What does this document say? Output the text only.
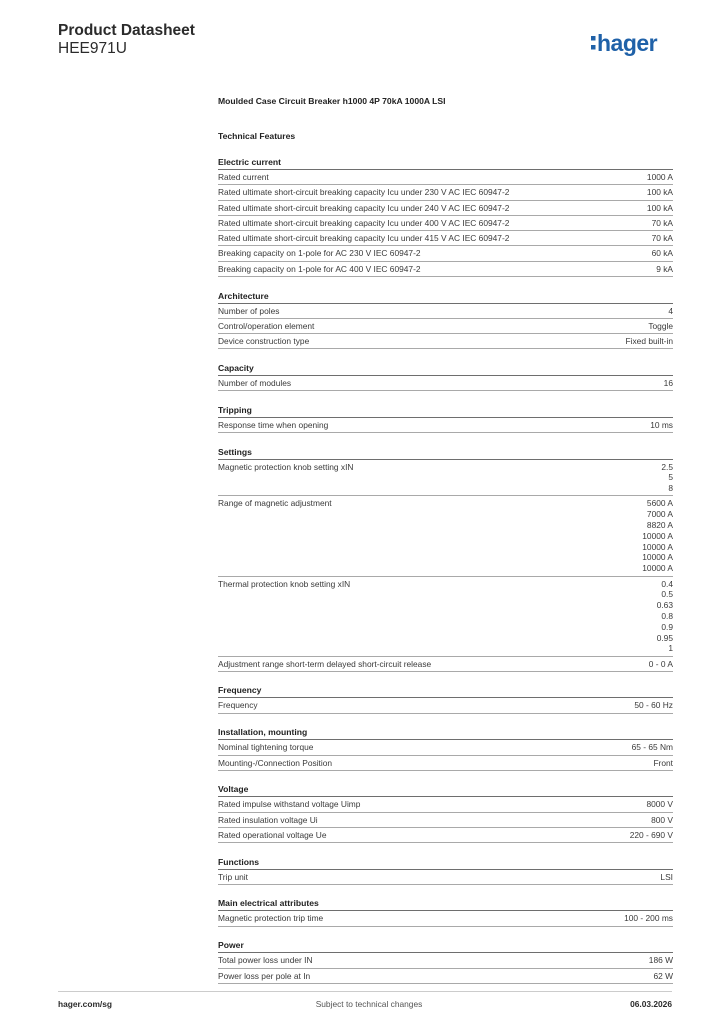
Product Datasheet
HEE971U	hager
Moulded Case Circuit Breaker h1000 4P 70kA 1000A LSI
Technical Features
Electric current
Rated current	1000 A
Rated ultimate short-circuit breaking capacity Icu under 230 V AC IEC 60947-2	100 kA
Rated ultimate short-circuit breaking capacity Icu under 240 V AC IEC 60947-2	100 kA
Rated ultimate short-circuit breaking capacity Icu under 400 V AC IEC 60947-2	70 kA
Rated ultimate short-circuit breaking capacity Icu under 415 V AC IEC 60947-2	70 kA
Breaking capacity on 1-pole for AC 230 V IEC 60947-2	60 kA
Breaking capacity on 1-pole for AC 400 V IEC 60947-2	9 kA
Architecture
Number of poles	4
Control/operation element	Toggle
Device construction type	Fixed built-in
Capacity
Number of modules	16
Tripping
Response time when opening	10 ms
Settings
Magnetic protection knob setting xIN	2.5
5
8
Range of magnetic adjustment	5600 A
7000 A
8820 A
10000 A
10000 A
10000 A
10000 A
Thermal protection knob setting xIN	0.4
0.5
0.63
0.8
0.9
0.95
1
Adjustment range short-term delayed short-circuit release	0 - 0 A
Frequency
Frequency	50 - 60 Hz
Installation, mounting
Nominal tightening torque	65 - 65 Nm
Mounting-/Connection Position	Front
Voltage
Rated impulse withstand voltage Uimp	8000 V
Rated insulation voltage Ui	800 V
Rated operational voltage Ue	220 - 690 V
Functions
Trip unit	LSI
Main electrical attributes
Magnetic protection trip time	100 - 200 ms
Power
Total power loss under IN	186 W
Power loss per pole at In	62 W
hager.com/sg	Subject to technical changes	06.03.2026
